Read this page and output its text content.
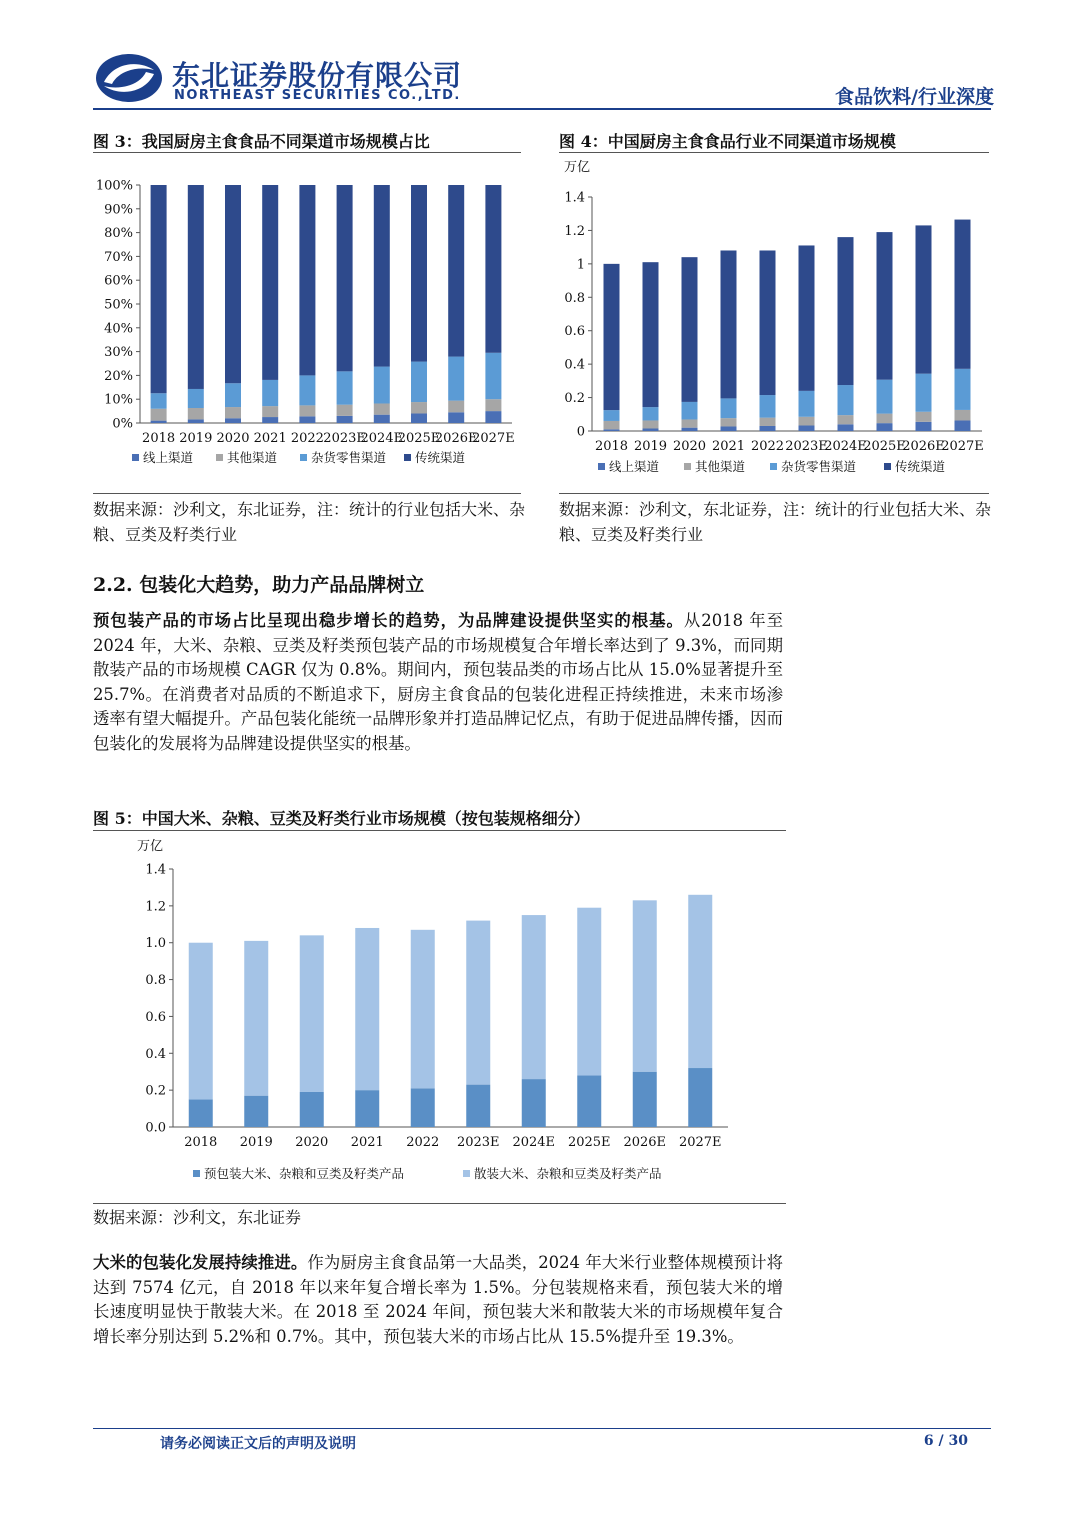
东北证券股份有限公司
NORTHEAST SECURITIES CO.,LTD.	食品饮料/行业深度
图 3：我国厨房主食食品不同渠道市场规模占比
0%
10%
20%
30%
40%
50%
60%
70%
80%
90%
100%
2018 2019 2020 2021 2022 2023E
2024E
2025E
2026E
2027E
线上渠道	其他渠道	杂货零售渠道 传统渠道
数据来源：沙利文，东北证券，注：统计的行业包括大米、杂粮、豆类及籽类行业
图 4：中国厨房主食食品行业不同渠道市场规模
万亿
0
0.2
0.4
0.6
0.8
1
1.2
1.4
2018 2019 2020 2021 2022 2023E
2024E
2025E
2026E
2027E
线上渠道	其他渠道	杂货零售渠道	传统渠道
数据来源：沙利文，东北证券，注：统计的行业包括大米、杂粮、豆类及籽类行业
2.2. 包装化大趋势，助力产品品牌树立
预包装产品的市场占比呈现出稳步增长的趋势，为品牌建设提供坚实的根基。从2018 年至 2024 年，大米、杂粮、豆类及籽类预包装产品的市场规模复合年增长率达到了 9.3%，而同期散装产品的市场规模 CAGR 仅为 0.8%。期间内，预包装品类的市场占比从 15.0%显著提升至 25.7%。在消费者对品质的不断追求下，厨房主食食品的包装化进程正持续推进，未来市场渗透率有望大幅提升。产品包装化能统一品牌形象并打造品牌记忆点，有助于促进品牌传播，因而包装化的发展将为品牌建设提供坚实的根基。
图 5：中国大米、杂粮、豆类及籽类行业市场规模（按包装规格细分）
万亿
0.0
0.2
0.4
0.6
0.8
1.0
1.2
1.4
2018 2019 2020 2021 2022 2023E 2024E 2025E 2026E 2027E
预包装大米、杂粮和豆类及籽类产品	散装大米、杂粮和豆类及籽类产品
数据来源：沙利文，东北证券
大米的包装化发展持续推进。作为厨房主食食品第一大品类，2024 年大米行业整体规模预计将达到 7574 亿元，自 2018 年以来年复合增长率为 1.5%。分包装规格来看，预包装大米的增长速度明显快于散装大米。在 2018 至 2024 年间，预包装大米和散装大米的市场规模年复合增长率分别达到 5.2%和 0.7%。其中，预包装大米的市场占比从 15.5%提升至 19.3%。
请务必阅读正文后的声明及说明	6 / 30
